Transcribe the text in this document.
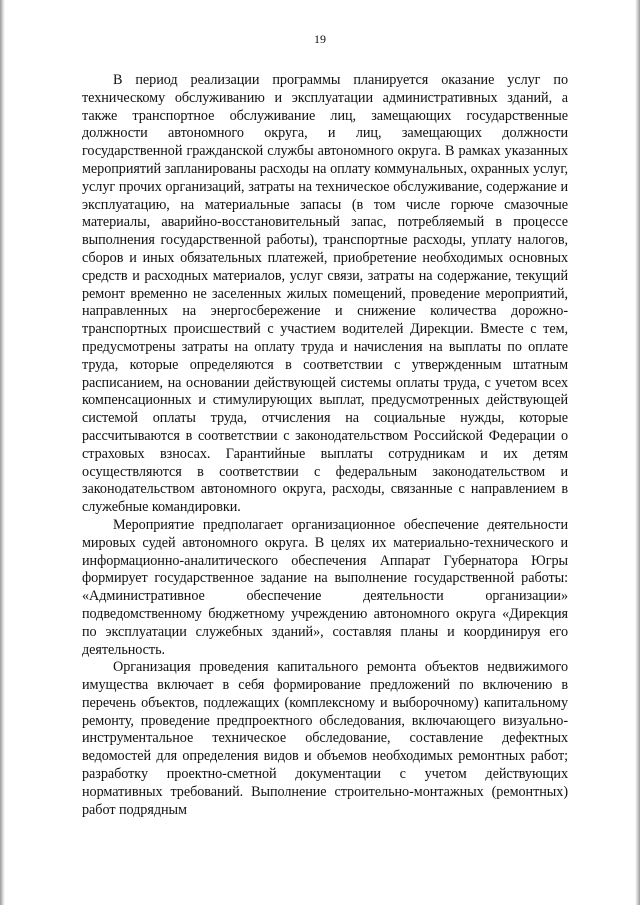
19

В период реализации программы планируется оказание услуг по техническому обслуживанию и эксплуатации административных зданий, а также транспортное обслуживание лиц, замещающих государственные должности автономного округа, и лиц, замещающих должности государственной гражданской службы автономного округа. В рамках указанных мероприятий запланированы расходы на оплату коммунальных, охранных услуг, услуг прочих организаций, затраты на техническое обслуживание, содержание и эксплуатацию, на материальные запасы (в том числе горюче смазочные материалы, аварийно-восстановительный запас, потребляемый в процессе выполнения государственной работы), транспортные расходы, уплату налогов, сборов и иных обязательных платежей, приобретение необходимых основных средств и расходных материалов, услуг связи, затраты на содержание, текущий ремонт временно не заселенных жилых помещений, проведение мероприятий, направленных на энергосбережение и снижение количества дорожно-транспортных происшествий с участием водителей Дирекции. Вместе с тем, предусмотрены затраты на оплату труда и начисления на выплаты по оплате труда, которые определяются в соответствии с утвержденным штатным расписанием, на основании действующей системы оплаты труда, с учетом всех компенсационных и стимулирующих выплат, предусмотренных действующей системой оплаты труда, отчисления на социальные нужды, которые рассчитываются в соответствии с законодательством Российской Федерации о страховых взносах. Гарантийные выплаты сотрудникам и их детям осуществляются в соответствии с федеральным законодательством и законодательством автономного округа, расходы, связанные с направлением в служебные командировки.

Мероприятие предполагает организационное обеспечение деятельности мировых судей автономного округа. В целях их материально-технического и информационно-аналитического обеспечения Аппарат Губернатора Югры формирует государственное задание на выполнение государственной работы: «Административное обеспечение деятельности организации» подведомственному бюджетному учреждению автономного округа «Дирекция по эксплуатации служебных зданий», составляя планы и координируя его деятельность.

Организация проведения капитального ремонта объектов недвижимого имущества включает в себя формирование предложений по включению в перечень объектов, подлежащих (комплексному и выборочному) капитальному ремонту, проведение предпроектного обследования, включающего визуально-инструментальное техническое обследование, составление дефектных ведомостей для определения видов и объемов необходимых ремонтных работ; разработку проектно-сметной документации с учетом действующих нормативных требований. Выполнение строительно-монтажных (ремонтных) работ подрядным
